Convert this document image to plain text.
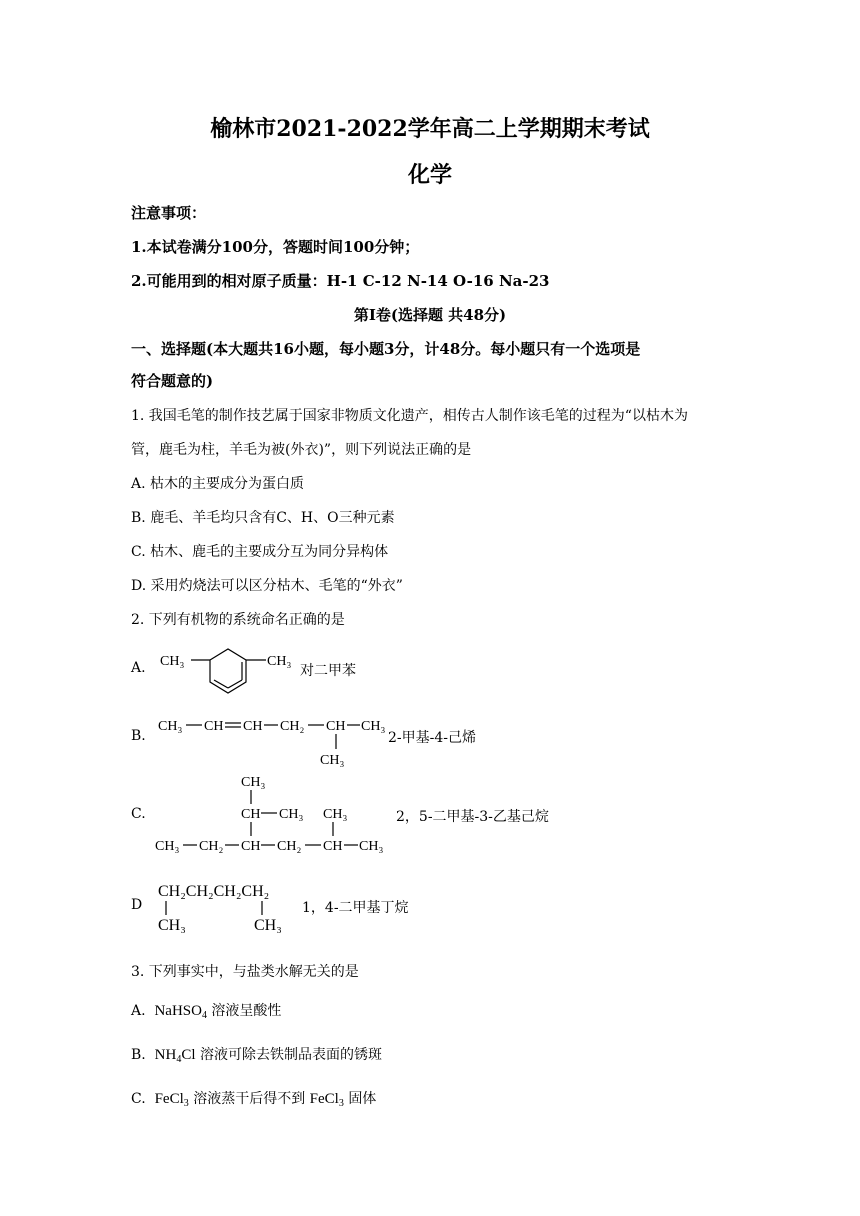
榆林市2021-2022学年高二上学期期末考试
化学
注意事项：
1.本试卷满分100分，答题时间100分钟；
2.可能用到的相对原子质量：H-1 C-12 N-14 O-16 Na-23
第I卷(选择题 共48分)
一、选择题(本大题共16小题，每小题3分，计48分。每小题只有一个选项是
符合题意的)
1. 我国毛笔的制作技艺属于国家非物质文化遗产，相传古人制作该毛笔的过程为“以枯木为
管，鹿毛为柱，羊毛为被(外衣)”，则下列说法正确的是
A. 枯木的主要成分为蛋白质
B. 鹿毛、羊毛均只含有C、H、O三种元素
C. 枯木、鹿毛的主要成分互为同分异构体
D. 采用灼烧法可以区分枯木、毛笔的“外衣”
2. 下列有机物的系统命名正确的是
A. CH₃	CH₃
对二甲苯
B.
CH₃ CH CH CH₂ CH CH₃
CH₃
2-甲基-4-己烯
C.
CH₃
CH CH₃ CH₃
CH₃ CH₂ CH CH₂ CH CH₃
2，5-二甲基-3-乙基己烷
D
CH₂CH₂CH₂CH₂
CH₃	CH₃
1，4-二甲基丁烷
3. 下列事实中，与盐类水解无关的是
A. NaHSO$_4$ 溶液呈酸性
B. $NH_4Cl$ 溶液可除去铁制品表面的锈斑
C. FeCl$_3$ 溶液蒸干后得不到 FeCl$_3$ 固体
